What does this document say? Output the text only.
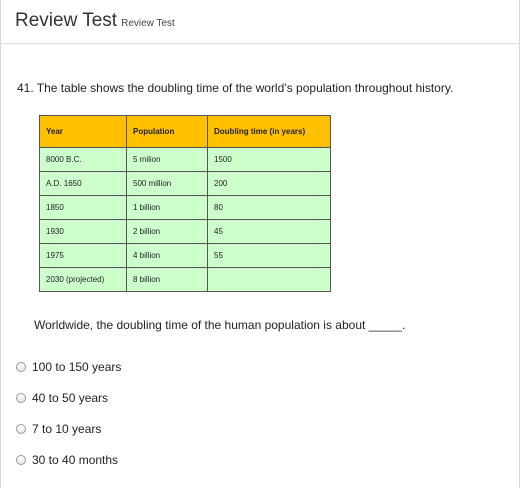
Review Test Review Test
41. The table shows the doubling time of the world’s population throughout history.
Year	Population	Doubling time (in years)
8000 B.C.	5 milion	1500
A.D. 1650	500 million	200
1850	1 billion	80
1930	2 billion	45
1975	4 billion	55
2030 (projected)	8 billion	
Worldwide, the doubling time of the human population is about _____.
100 to 150 years
40 to 50 years
7 to 10 years
30 to 40 months
